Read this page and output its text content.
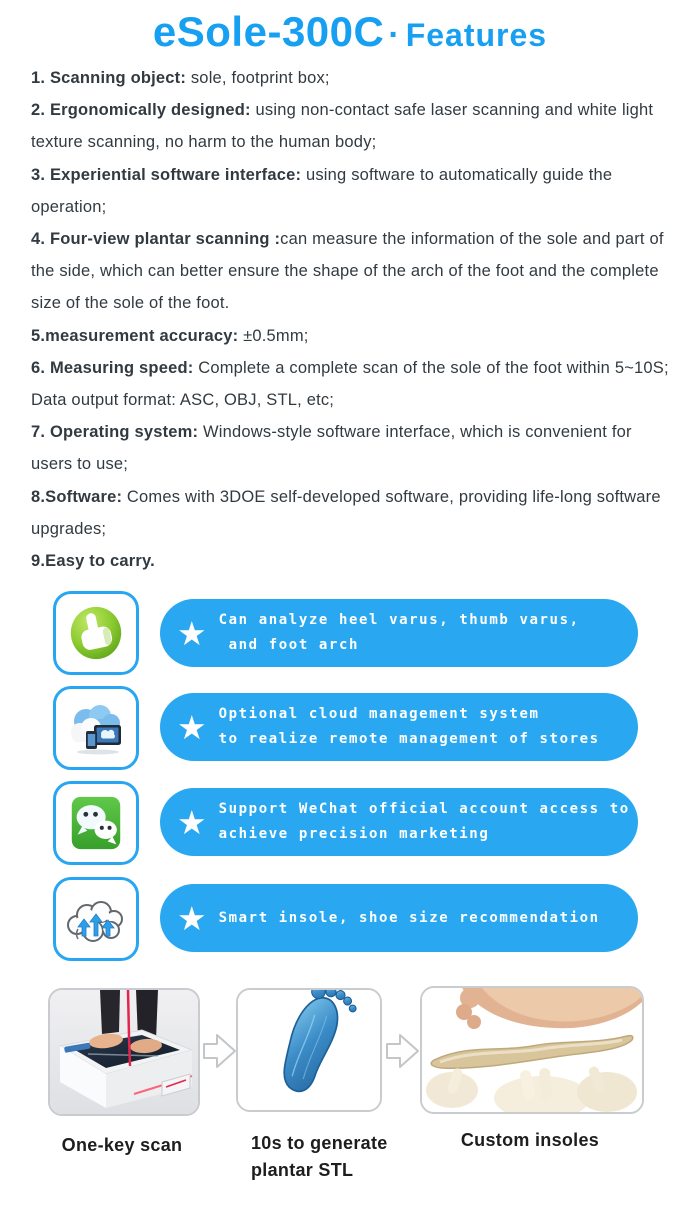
eSole-300C · Features

1. Scanning object: sole, footprint box;

2. Ergonomically designed: using non-contact safe laser scanning and white light texture scanning, no harm to the human body;

3. Experiential software interface: using software to automatically guide the operation;

4. Four-view plantar scanning :can measure the information of the sole and part of the side, which can better ensure the shape of the arch of the foot and the complete size of the sole of the foot.

5.measurement accuracy: ±0.5mm;

6. Measuring speed: Complete a complete scan of the sole of the foot within 5~10S; Data output format: ASC, OBJ, STL, etc;

7. Operating system: Windows-style software interface, which is convenient for users to use;

8.Software: Comes with 3DOE self-developed software, providing life-long software upgrades;

9.Easy to carry.

★ Can analyze heel varus, thumb varus,
and foot arch
★ Optional cloud management system
to realize remote management of stores
★ Support WeChat official account access to
achieve precision marketing
★ Smart insole, shoe size recommendation
One-key scan	10s to generate
plantar STL
Custom insoles
